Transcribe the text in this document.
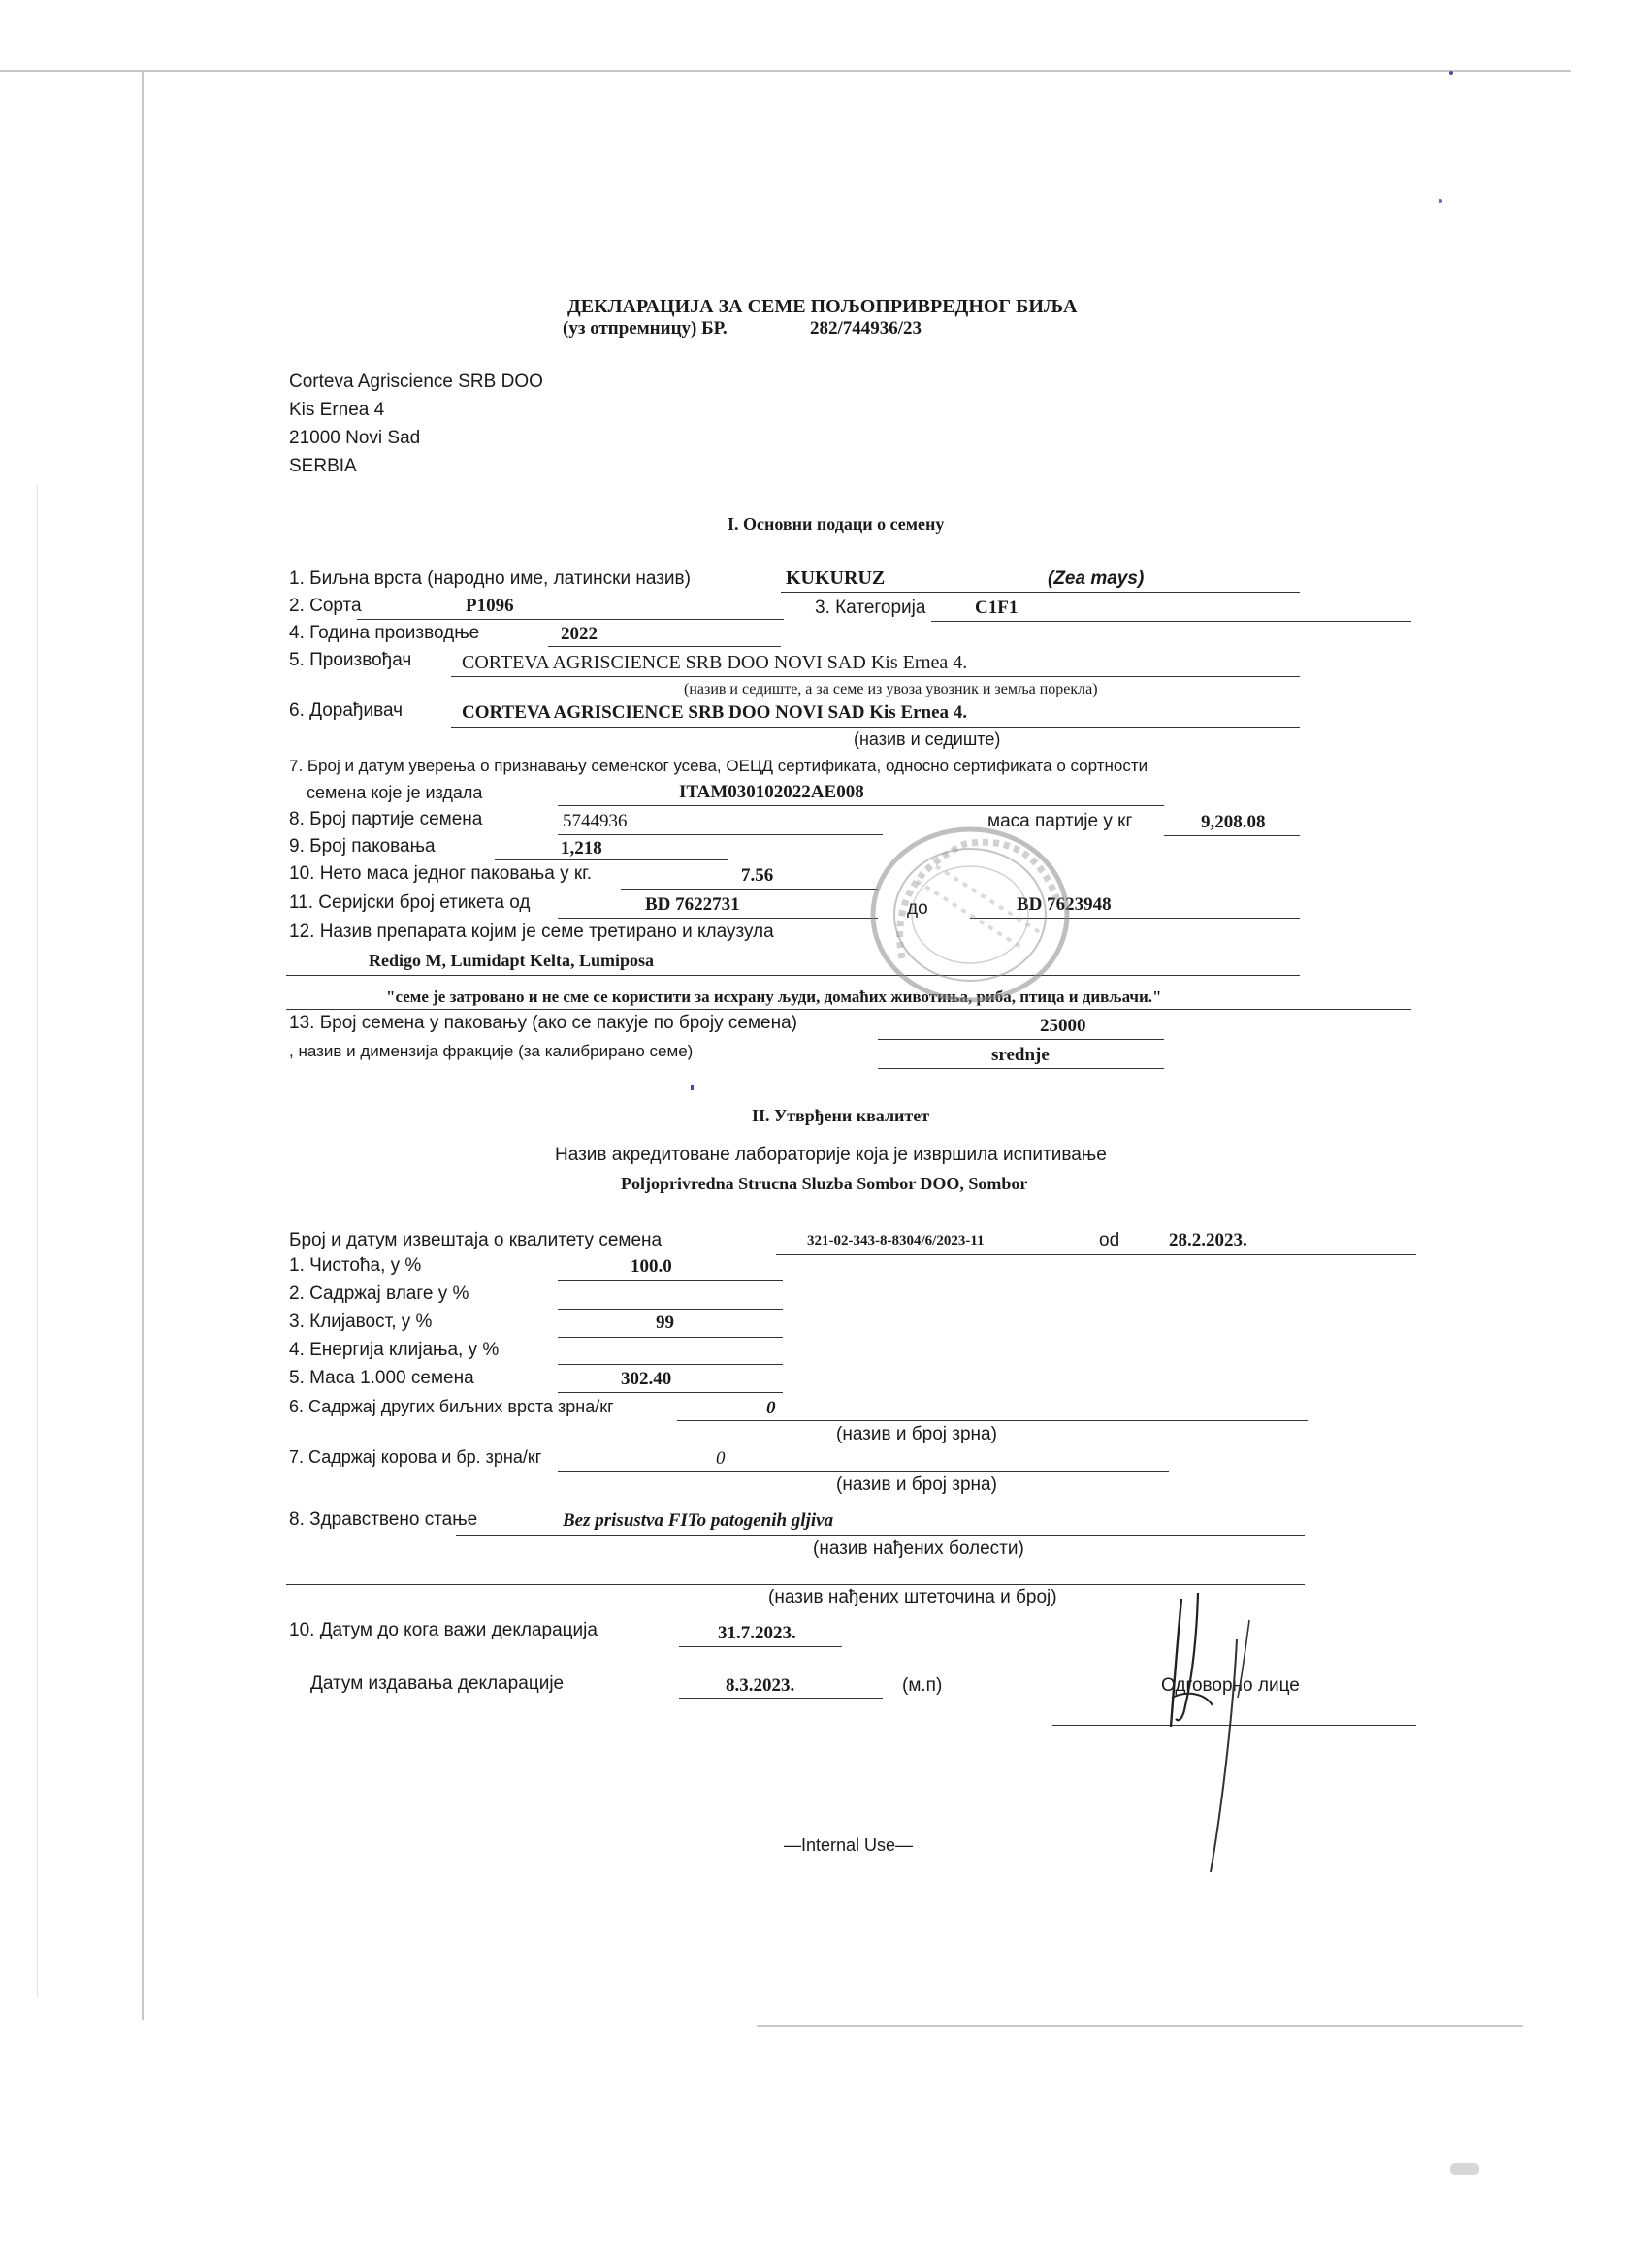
ДЕКЛАРАЦИЈА ЗА СЕМЕ ПОЉОПРИВРЕДНОГ БИЉА
(уз отпремницу) БР.	282/744936/23
Corteva Agriscience SRB DOO
Kis Ernea 4
21000 Novi Sad
SERBIA
I. Основни подаци о семену
1. Биљна врста (народно име, латински назив)	KUKURUZ	(Zea mays)
2. Сорта	P1096	3. Категорија	C1F1
4. Година производње	2022
5. Произвођач	CORTEVA AGRISCIENCE SRB DOO NOVI SAD Kis Ernea 4.
(назив и седиште, а за семе из увоза увозник и земља порекла)
6. Дорађивач	CORTEVA AGRISCIENCE SRB DOO NOVI SAD Kis Ernea 4.
(назив и седиште)
7. Број и датум уверења о признавању семенског усева, ОЕЦД сертификата, односно сертификата о сортности
семена које је издала	ITAM030102022AE008
8. Број партије семена	5744936	маса партије у кг	9,208.08
9. Број паковања	1,218
10. Нето маса једног паковања у кг.	7.56
11. Серијски број етикета од	BD 7622731	до	BD 7623948
12. Назив препарата којим је семе третирано и клаузула
Redigo M, Lumidapt Kelta, Lumiposa
"семе је затровано и не сме се користити за исхрану људи, домаћих животиња, риба, птица и дивљачи."
13. Број семена у паковању (ако се пакује по броју семена)	25000
, назив и димензија фракције (за калибрирано семе)	srednje
II. Утврђени квалитет
Назив акредитоване лабораторије која је извршила испитивање
Poljoprivredna Strucna Sluzba Sombor DOO, Sombor
Број и датум извештаја о квалитету семена	321-02-343-8-8304/6/2023-11	od	28.2.2023.
1. Чистоћа, у %	100.0
2. Садржај влаге у %
3. Клијавост, у %	99
4. Енергија клијања, у %
5. Маса 1.000 семена	302.40
6. Садржај других биљних врста зрна/кг	0
(назив и број зрна)
7. Садржај корова и бр. зрна/кг	0
(назив и број зрна)
8. Здравствено стање	Bez prisustva FITo patogenih gljiva
(назив нађених болести)
(назив нађених штеточина и број)
10. Датум до кога важи декларација	31.7.2023.
Датум издавања декларације	8.3.2023.	(м.п)	Одговорно лице
—Internal Use—
